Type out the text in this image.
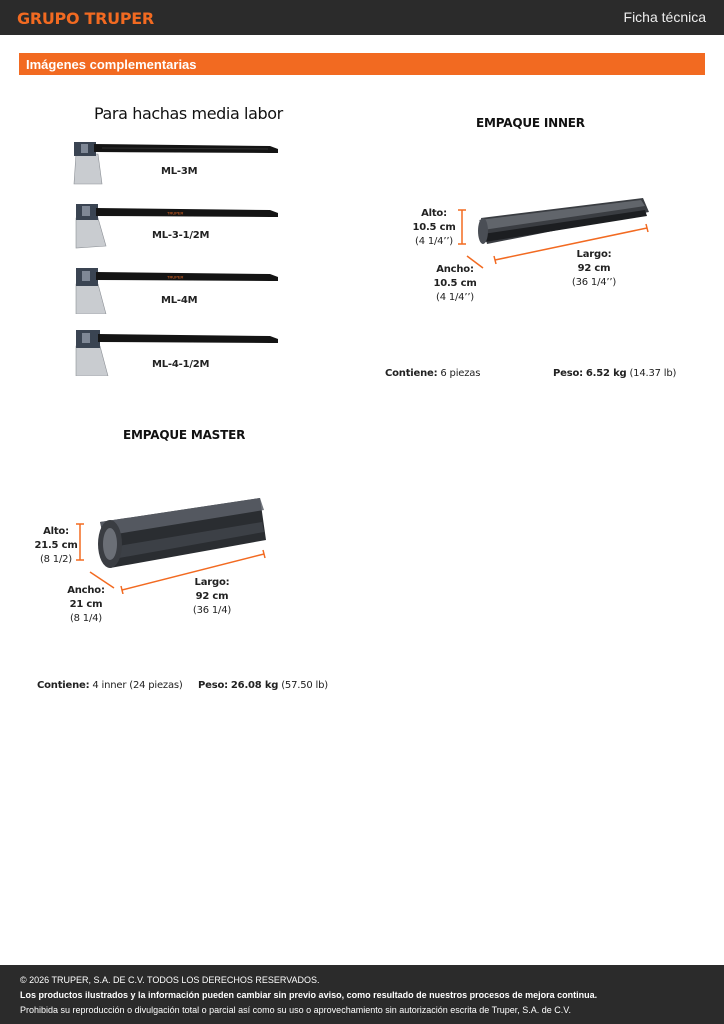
GRUPO TRUPER	Ficha técnica
Imágenes complementarias
Para hachas media labor
ML-3M
TRUPER
ML-3-1/2M
TRUPER
ML-4M
ML-4-1/2M
EMPAQUE INNER
Alto:
10.5 cm
(4 1/4’’)
Ancho:
10.5 cm
(4 1/4’’)
Largo:
92 cm
(36 1/4’’)
Contiene: 6 piezas	Peso: 6.52 kg (14.37 lb)
EMPAQUE MASTER
Alto:
21.5 cm
(8 1/2)
Ancho:
21 cm
(8 1/4)
Largo:
92 cm
(36 1/4)
Contiene: 4 inner (24 piezas) Peso: 26.08 kg (57.50 lb)
© 2026 TRUPER, S.A. DE C.V. TODOS LOS DERECHOS RESERVADOS.
Los productos ilustrados y la información pueden cambiar sin previo aviso, como resultado de nuestros procesos de mejora continua.
Prohibida su reproducción o divulgación total o parcial así como su uso o aprovechamiento sin autorización escrita de Truper, S.A. de C.V.
